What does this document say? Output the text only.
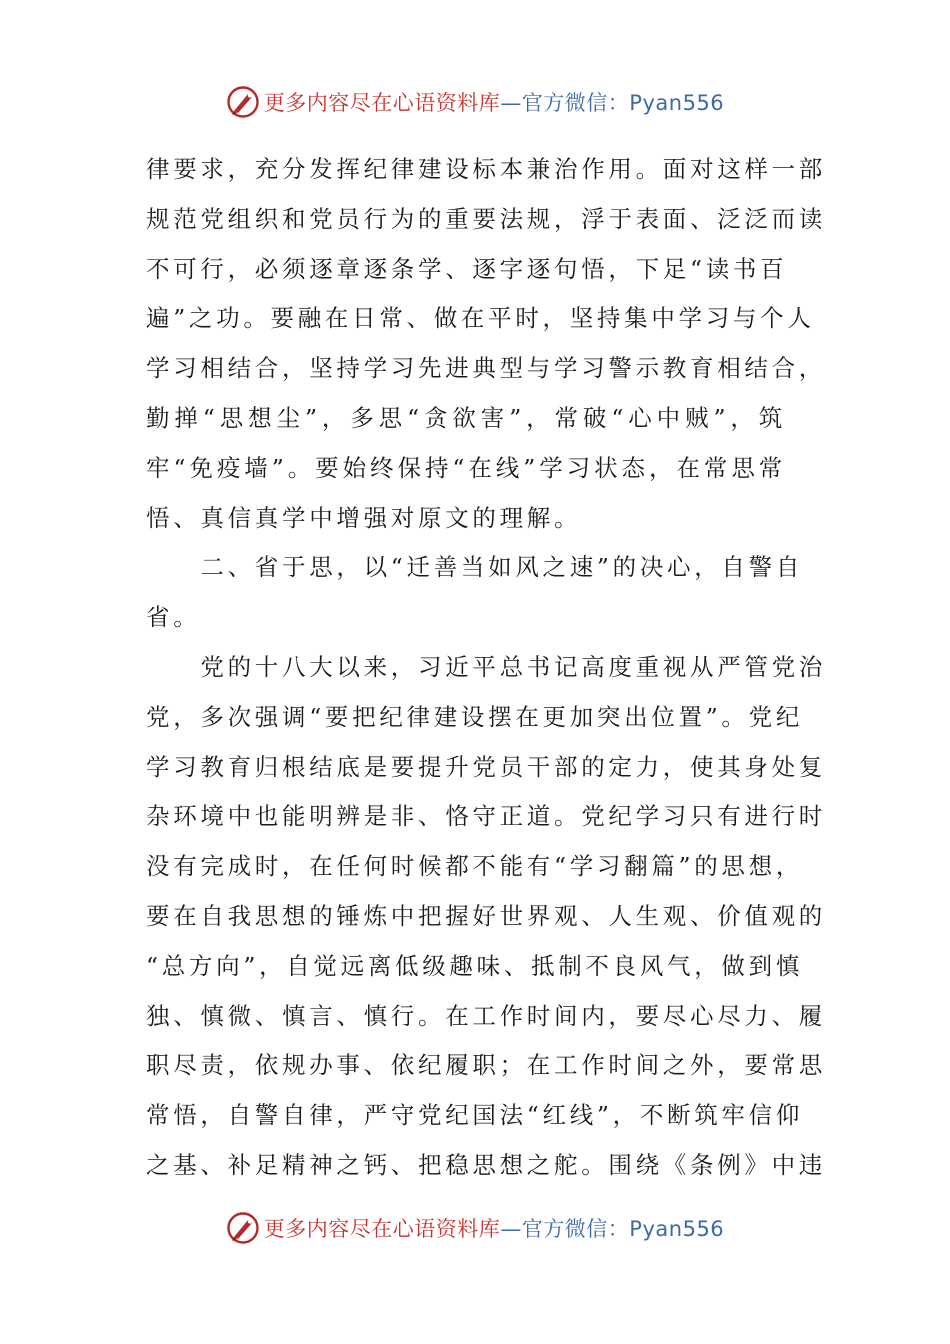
更多内容尽在心语资料库—官方微信：Pyan556
律要求，充分发挥纪律建设标本兼治作用。面对这样一部
规范党组织和党员行为的重要法规，浮于表面、泛泛而读
不可行，必须逐章逐条学、逐字逐句悟，下足“读书百
遍”之功。要融在日常、做在平时，坚持集中学习与个人
学习相结合，坚持学习先进典型与学习警示教育相结合，
勤掸“思想尘”，多思“贪欲害”，常破“心中贼”，筑
牢“免疫墙”。要始终保持“在线”学习状态，在常思常
悟、真信真学中增强对原文的理解。
　　二、省于思，以“迁善当如风之速”的决心，自警自
省。
　　党的十八大以来，习近平总书记高度重视从严管党治
党，多次强调“要把纪律建设摆在更加突出位置”。党纪
学习教育归根结底是要提升党员干部的定力，使其身处复
杂环境中也能明辨是非、恪守正道。党纪学习只有进行时
没有完成时，在任何时候都不能有“学习翻篇”的思想，
要在自我思想的锤炼中把握好世界观、人生观、价值观的
“总方向”，自觉远离低级趣味、抵制不良风气，做到慎
独、慎微、慎言、慎行。在工作时间内，要尽心尽力、履
职尽责，依规办事、依纪履职；在工作时间之外，要常思
常悟，自警自律，严守党纪国法“红线”，不断筑牢信仰
之基、补足精神之钙、把稳思想之舵。围绕《条例》中违
更多内容尽在心语资料库—官方微信：Pyan556
